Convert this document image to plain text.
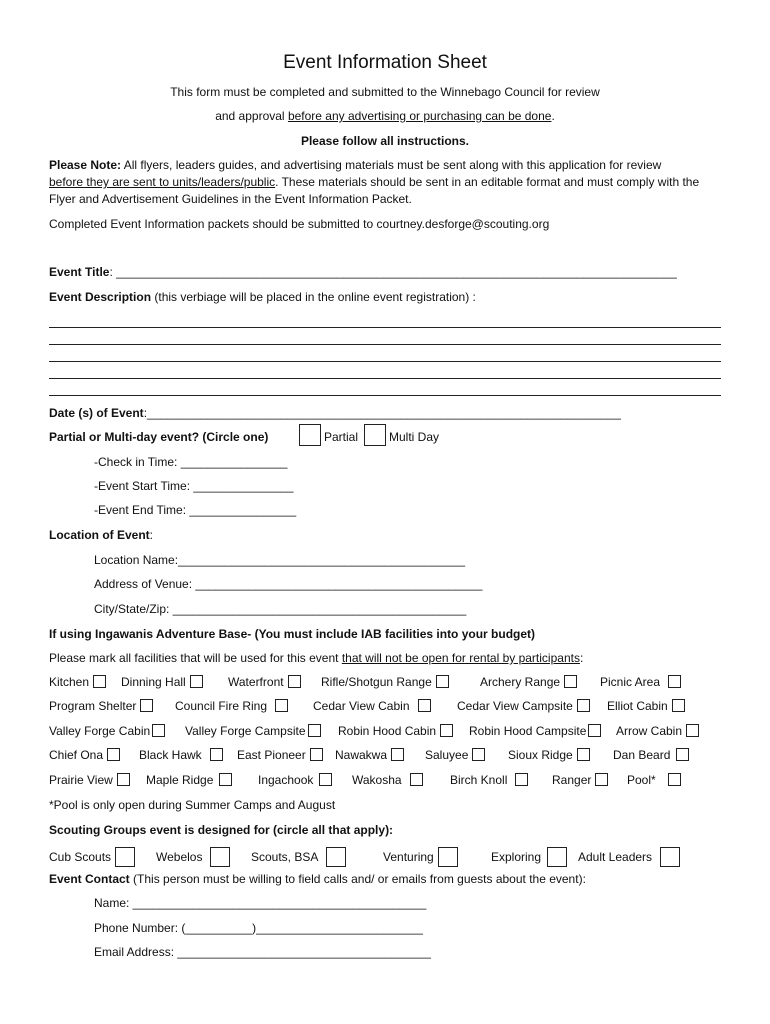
Event Information Sheet
This form must be completed and submitted to the Winnebago Council for review
and approval before any advertising or purchasing can be done.
Please follow all instructions.
Please Note: All flyers, leaders guides, and advertising materials must be sent along with this application for review
before they are sent to units/leaders/public. These materials should be sent in an editable format and must comply with the Flyer and Advertisement Guidelines in the Event Information Packet.
Completed Event Information packets should be submitted to courtney.desforge@scouting.org
Event Title: ____________________________________________________________________________________
Event Description (this verbiage will be placed in the online event registration) :
Date (s) of Event:_______________________________________________________________________
Partial or Multi-day event? (Circle one)	Partial	Multi Day
-Check in Time: ________________
-Event Start Time: _______________
-Event End Time: ________________
Location of Event:
Location Name:___________________________________________
Address of Venue: ___________________________________________
City/State/Zip: ____________________________________________
If using Ingawanis Adventure Base- (You must include IAB facilities into your budget)
Please mark all facilities that will be used for this event that will not be open for rental by participants:
Kitchen	Dinning Hall	Waterfront	Rifle/Shotgun Range	Archery Range	Picnic Area
Program Shelter	Council Fire Ring	Cedar View Cabin	Cedar View Campsite	Elliot Cabin
Valley Forge Cabin	Valley Forge Campsite	Robin Hood Cabin	Robin Hood Campsite	Arrow Cabin
Chief Ona	Black Hawk	East Pioneer	Nawakwa	Saluyee	Sioux Ridge	Dan Beard
Prairie View	Maple Ridge	Ingachook	Wakosha	Birch Knoll	Ranger	Pool*
*Pool is only open during Summer Camps and August
Scouting Groups event is designed for (circle all that apply):
Cub Scouts	Webelos	Scouts, BSA	Venturing	Exploring	Adult Leaders
Event Contact (This person must be willing to field calls and/ or emails from guests about the event):
Name: ____________________________________________
Phone Number: (__________)_________________________
Email Address: ______________________________________
